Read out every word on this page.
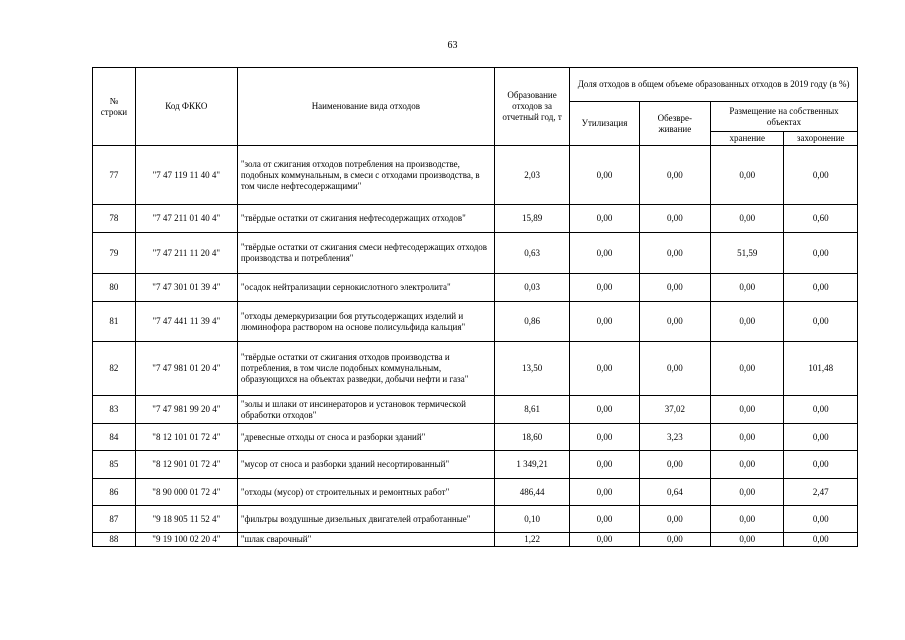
63
№ строки	Код ФККО	Наименование вида отходов	Образование отходов за отчетный год, т	Доля отходов в общем объеме образованных отходов в 2019 году (в %)			
				Утилизация	Обезвре-живание	Размещение на собственных объектах	
						хранение	захоронение
77	"7 47 119 11 40 4"	"зола от сжигания отходов потребления на производстве, подобных коммунальным, в смеси с отходами производства, в том числе нефтесодержащими"	2,03	0,00	0,00	0,00	0,00
78	"7 47 211 01 40 4"	"твёрдые остатки от сжигания нефтесодержащих отходов"	15,89	0,00	0,00	0,00	0,60
79	"7 47 211 11 20 4"	"твёрдые остатки от сжигания смеси нефтесодержащих отходов производства и потребления"	0,63	0,00	0,00	51,59	0,00
80	"7 47 301 01 39 4"	"осадок нейтрализации сернокислотного электролита"	0,03	0,00	0,00	0,00	0,00
81	"7 47 441 11 39 4"	"отходы демеркуризации боя ртутьсодержащих изделий и люминофора раствором на основе полисульфида кальция"	0,86	0,00	0,00	0,00	0,00
82	"7 47 981 01 20 4"	"твёрдые остатки от сжигания отходов производства и потребления, в том числе подобных коммунальным, образующихся на объектах разведки, добычи нефти и газа"	13,50	0,00	0,00	0,00	101,48
83	"7 47 981 99 20 4"	"золы и шлаки от инсинераторов и установок термической обработки отходов"	8,61	0,00	37,02	0,00	0,00
84	"8 12 101 01 72 4"	"древесные отходы от сноса и разборки зданий"	18,60	0,00	3,23	0,00	0,00
85	"8 12 901 01 72 4"	"мусор от сноса и разборки зданий несортированный"	1 349,21	0,00	0,00	0,00	0,00
86	"8 90 000 01 72 4"	"отходы (мусор) от строительных и ремонтных работ"	486,44	0,00	0,64	0,00	2,47
87	"9 18 905 11 52 4"	"фильтры воздушные дизельных двигателей отработанные"	0,10	0,00	0,00	0,00	0,00
88	"9 19 100 02 20 4"	"шлак сварочный"	1,22	0,00	0,00	0,00	0,00
